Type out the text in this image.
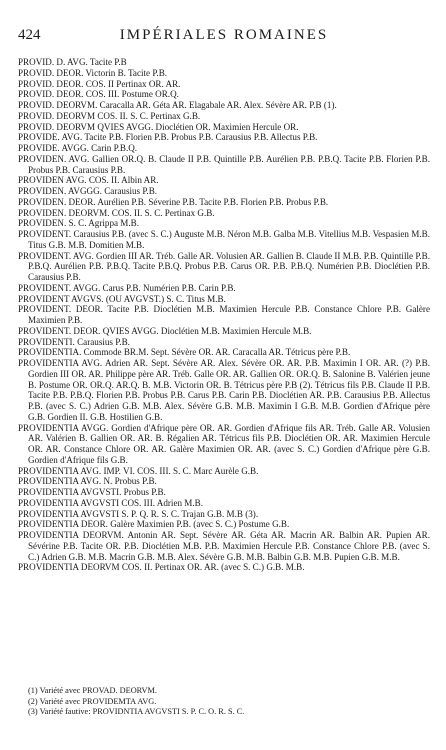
424	IMPÉRIALES ROMAINES
PROVID. D. AVG. Tacite P.B
PROVID. DEOR. Victorin B. Tacite P.B.
PROVID. DEOR. COS. II Pertinax OR. AR.
PROVID. DEOR. COS. III. Postume OR.Q.
PROVID. DEORVM. Caracalla AR. Géta AR. Elagabale AR. Alex. Sévère AR. P.B (1).
PROVID. DEORVM COS. II. S. C. Pertinax G.B.
PROVID. DEORVM QVIES AVGG. Dioclétien OR. Maximien Hercule OR.
PROVIDE. AVG. Tacite P.B. Florien P.B. Probus P.B. Carausius P.B. Allectus P.B.
PROVIDE. AVGG. Carin P.B.Q.
PROVIDEN. AVG. Gallien OR.Q. B. Claude II P.B. Quintille P.B. Aurélien P.B. P.B.Q. Tacite P.B. Florien P.B. Probus P.B. Carausius P.B.
PROVIDEN AVG. COS. II. Albin AR.
PROVIDEN. AVGGG. Carausius P.B.
PROVIDEN. DEOR. Aurélien P.B. Séverine P.B. Tacite P.B. Florien P.B. Probus P.B.
PROVIDEN. DEORVM. COS. II. S. C. Pertinax G.B.
PROVIDEN. S. C. Agrippa M.B.
PROVIDENT. Carausius P.B. (avec S. C.) Auguste M.B. Néron M.B. Galba M.B. Vitellius M.B. Vespasien M.B. Titus G.B. M.B. Domitien M.B.
PROVIDENT. AVG. Gordien III AR. Tréb. Galle AR. Volusien AR. Gallien B. Claude II M.B. P.B. Quintille P.B. P.B.Q. Aurélien P.B. P.B.Q. Tacite P.B.Q. Probus P.B. Carus OR. P.B. P.B.Q. Numérien P.B. Dioclétien P.B. Carausius P.B.
PROVIDENT. AVGG. Carus P.B. Numérien P.B. Carin P.B.
PROVIDENT AVGVS. (OU AVGVST.) S. C. Titus M.B.
PROVIDENT. DEOR. Tacite P.B. Dioclétien M.B. Maximien Hercule P.B. Constance Chlore P.B. Galère Maximien P.B.
PROVIDENT. DEOR. QVIES AVGG. Dioclétien M.B. Maximien Hercule M.B.
PROVIDENTI. Carausius P.B.
PROVIDENTIA. Commode BR.M. Sept. Sévère OR. AR. Caracalla AR. Tétricus père P.B.
PROVIDENTIA AVG. Adrien AR. Sept. Sévère AR. Alex. Sévère OR. AR. P.B. Maximin I OR. AR. (?) P.B. Gordien III OR. AR. Philippe père AR. Tréb. Galle OR. AR. Gallien OR. OR.Q. B. Salonine B. Valérien jeune B. Postume OR. OR.Q. AR.Q. B. M.B. Victorin OR. B. Tétricus père P.B (2). Tétricus fils P.B. Claude II P.B. Tacite P.B. P.B.Q. Florien P.B. Probus P.B. Carus P.B. Carin P.B. Dioclétien AR. P.B. Carausius P.B. Allectus P.B. (avec S. C.) Adrien G.B. M.B. Alex. Sévère G.B. M.B. Maximin I G.B. M.B. Gordien d'Afrique père G.B. Gordien II. G.B. Hostilien G.B.
PROVIDENTIA AVGG. Gordien d'Afrique père OR. AR. Gordien d'Afrique fils AR. Tréb. Galle AR. Volusien AR. Valérien B. Gallien OR. AR. B. Régalien AR. Tétricus fils P.B. Dioclétien OR. AR. Maximien Hercule OR. AR. Constance Chlore OR. AR. Galère Maximien OR. AR. (avec S. C.) Gordien d'Afrique père G.B. Gordien d'Afrique fils G.B.
PROVIDENTIA AVG. IMP. VI. COS. III. S. C. Marc Aurèle G.B.
PROVIDENTIA AVG. N. Probus P.B.
PROVIDENTIA AVGVSTI. Probus P.B.
PROVIDENTIA AVGVSTI COS. III. Adrien M.B.
PROVIDENTIA AVGVSTI S. P. Q. R. S. C. Trajan G.B. M.B (3).
PROVIDENTIA DEOR. Galère Maximien P.B. (avec S. C.) Postume G.B.
PROVIDENTIA DEORVM. Antonin AR. Sept. Sévère AR. Géta AR. Macrin AR. Balbin AR. Pupien AR. Sévérine P.B. Tacite OR. P.B. Dioclétien M.B. P.B. Maximien Hercule P.B. Constance Chlore P.B. (avec S. C.) Adrien G.B. M.B. Macrin G.B. M.B. Alex. Sévère G.B. M.B. Balbin G.B. M.B. Pupien G.B. M.B.
PROVIDENTIA DEORVM COS. II. Pertinax OR. AR. (avec S. C.) G.B. M.B.
(1) Variété avec PROVAD. DEORVM.
(2) Variété avec PROVIDEMTA AVG.
(3) Variété fautive: PROVIDNTIA AVGVSTI S. P. C. O. R. S. C.
